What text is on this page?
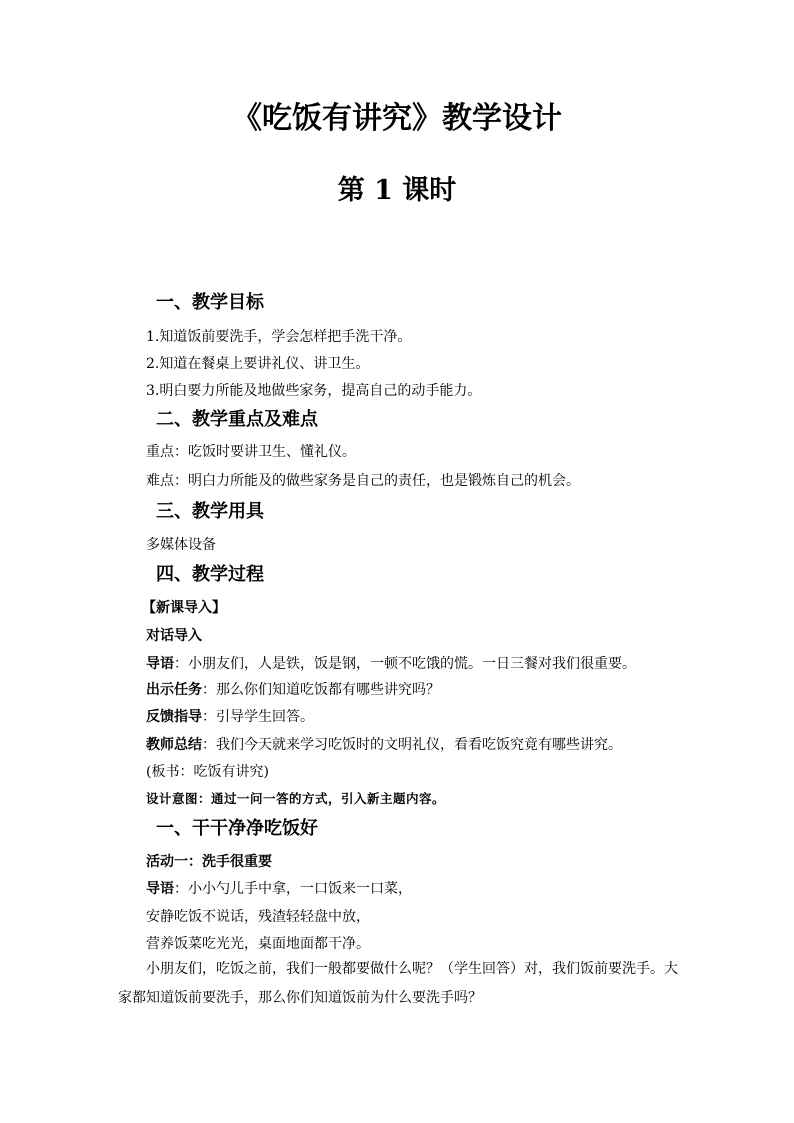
《吃饭有讲究》教学设计
第 1 课时
一、教学目标
1.知道饭前要洗手，学会怎样把手洗干净。
2.知道在餐桌上要讲礼仪、讲卫生。
3.明白要力所能及地做些家务，提高自己的动手能力。
二、教学重点及难点
重点：吃饭时要讲卫生、懂礼仪。
难点：明白力所能及的做些家务是自己的责任，也是锻炼自己的机会。
三、教学用具
多媒体设备
四、教学过程
【新课导入】
对话导入
导语：小朋友们，人是铁，饭是钢，一顿不吃饿的慌。一日三餐对我们很重要。
出示任务：那么你们知道吃饭都有哪些讲究吗？
反馈指导：引导学生回答。
教师总结：我们今天就来学习吃饭时的文明礼仪，看看吃饭究竟有哪些讲究。
(板书：吃饭有讲究)
设计意图：通过一问一答的方式，引入新主题内容。
一、干干净净吃饭好
活动一：洗手很重要
导语：小小勺儿手中拿，一口饭来一口菜，
安静吃饭不说话，残渣轻轻盘中放，
营养饭菜吃光光，桌面地面都干净。
小朋友们，吃饭之前，我们一般都要做什么呢？（学生回答）对，我们饭前要洗手。大家都知道饭前要洗手，那么你们知道饭前为什么要洗手吗？
